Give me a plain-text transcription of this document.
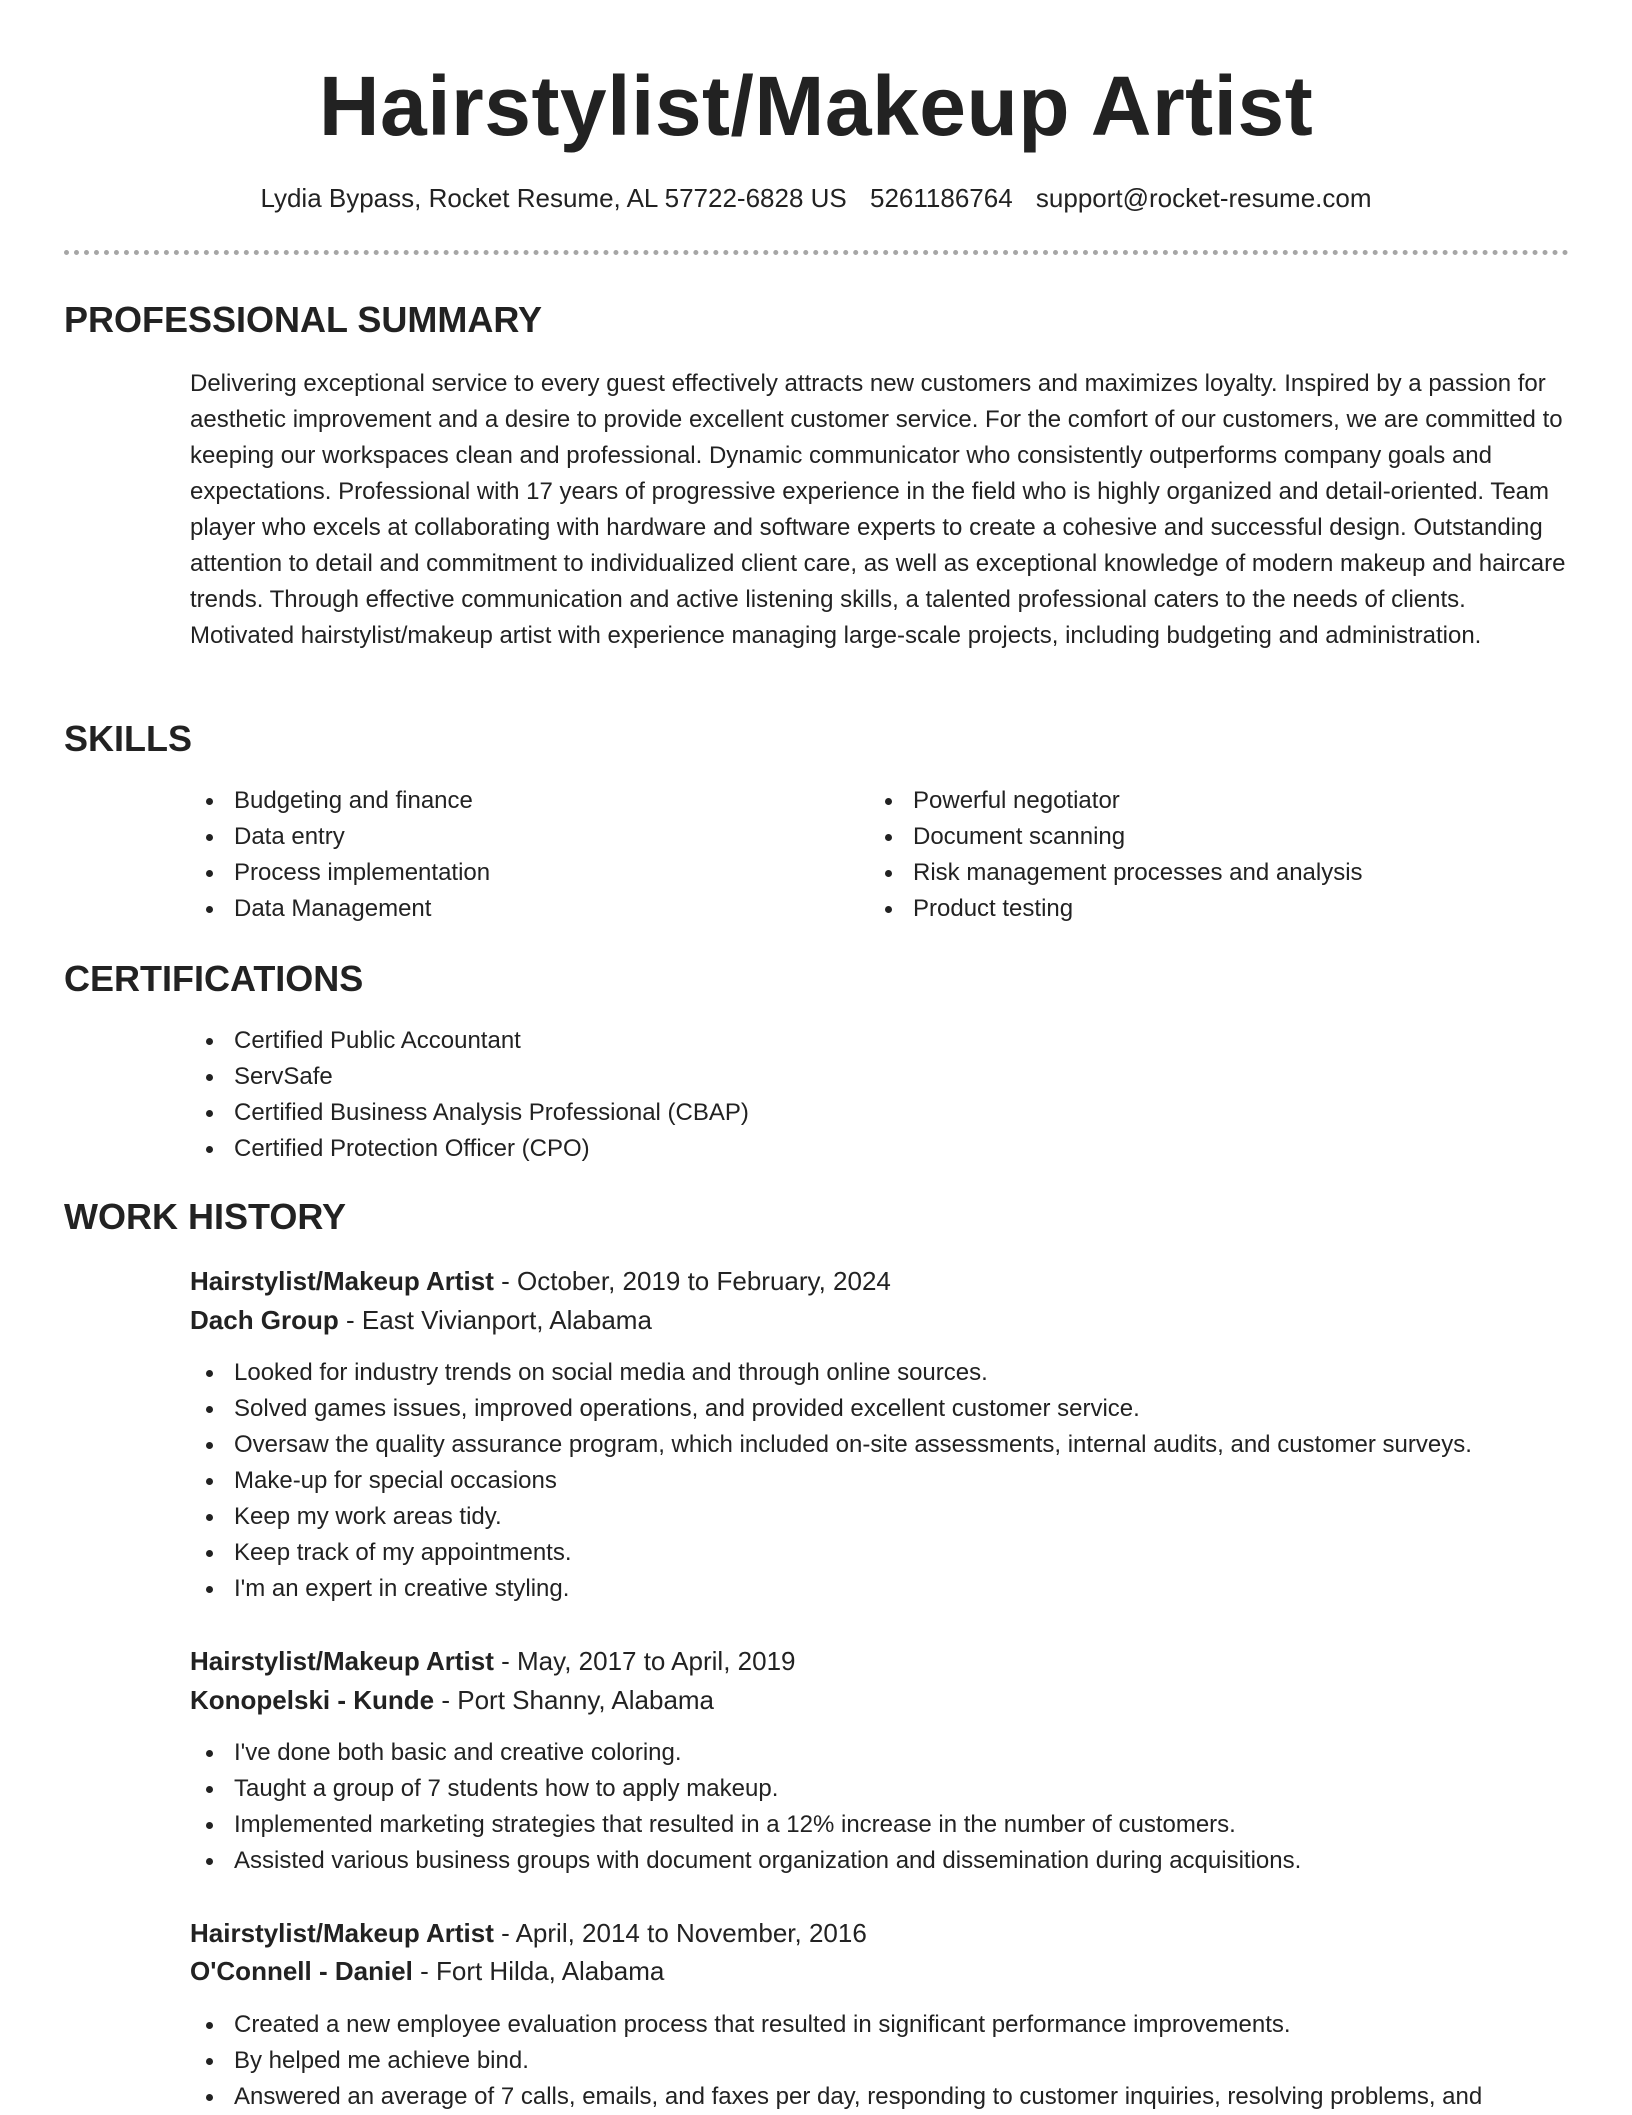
Hairstylist/Makeup Artist
Lydia Bypass, Rocket Resume, AL 57722-6828 US 5261186764 support@rocket-resume.com
PROFESSIONAL SUMMARY

Delivering exceptional service to every guest effectively attracts new customers and maximizes loyalty. Inspired by a passion for aesthetic improvement and a desire to provide excellent customer service. For the comfort of our customers, we are committed to keeping our workspaces clean and professional. Dynamic communicator who consistently outperforms company goals and expectations. Professional with 17 years of progressive experience in the field who is highly organized and detail-oriented. Team player who excels at collaborating with hardware and software experts to create a cohesive and successful design. Outstanding attention to detail and commitment to individualized client care, as well as exceptional knowledge of modern makeup and haircare trends. Through effective communication and active listening skills, a talented professional caters to the needs of clients. Motivated hairstylist/makeup artist with experience managing large-scale projects, including budgeting and administration.

SKILLS
Budgeting and finance
Data entry
Process implementation
Data Management
Powerful negotiator
Document scanning
Risk management processes and analysis
Product testing
CERTIFICATIONS
Certified Public Accountant
ServSafe
Certified Business Analysis Professional (CBAP)
Certified Protection Officer (CPO)
WORK HISTORY
Hairstylist/Makeup Artist - October, 2019 to February, 2024
Dach Group - East Vivianport, Alabama
Looked for industry trends on social media and through online sources.
Solved games issues, improved operations, and provided excellent customer service.
Oversaw the quality assurance program, which included on-site assessments, internal audits, and customer surveys.
Make-up for special occasions
Keep my work areas tidy.
Keep track of my appointments.
I'm an expert in creative styling.
Hairstylist/Makeup Artist - May, 2017 to April, 2019
Konopelski - Kunde - Port Shanny, Alabama
I've done both basic and creative coloring.
Taught a group of 7 students how to apply makeup.
Implemented marketing strategies that resulted in a 12% increase in the number of customers.
Assisted various business groups with document organization and dissemination during acquisitions.
Hairstylist/Makeup Artist - April, 2014 to November, 2016
O'Connell - Daniel - Fort Hilda, Alabama
Created a new employee evaluation process that resulted in significant performance improvements.
By helped me achieve bind.
Answered an average of 7 calls, emails, and faxes per day, responding to customer inquiries, resolving problems, and
